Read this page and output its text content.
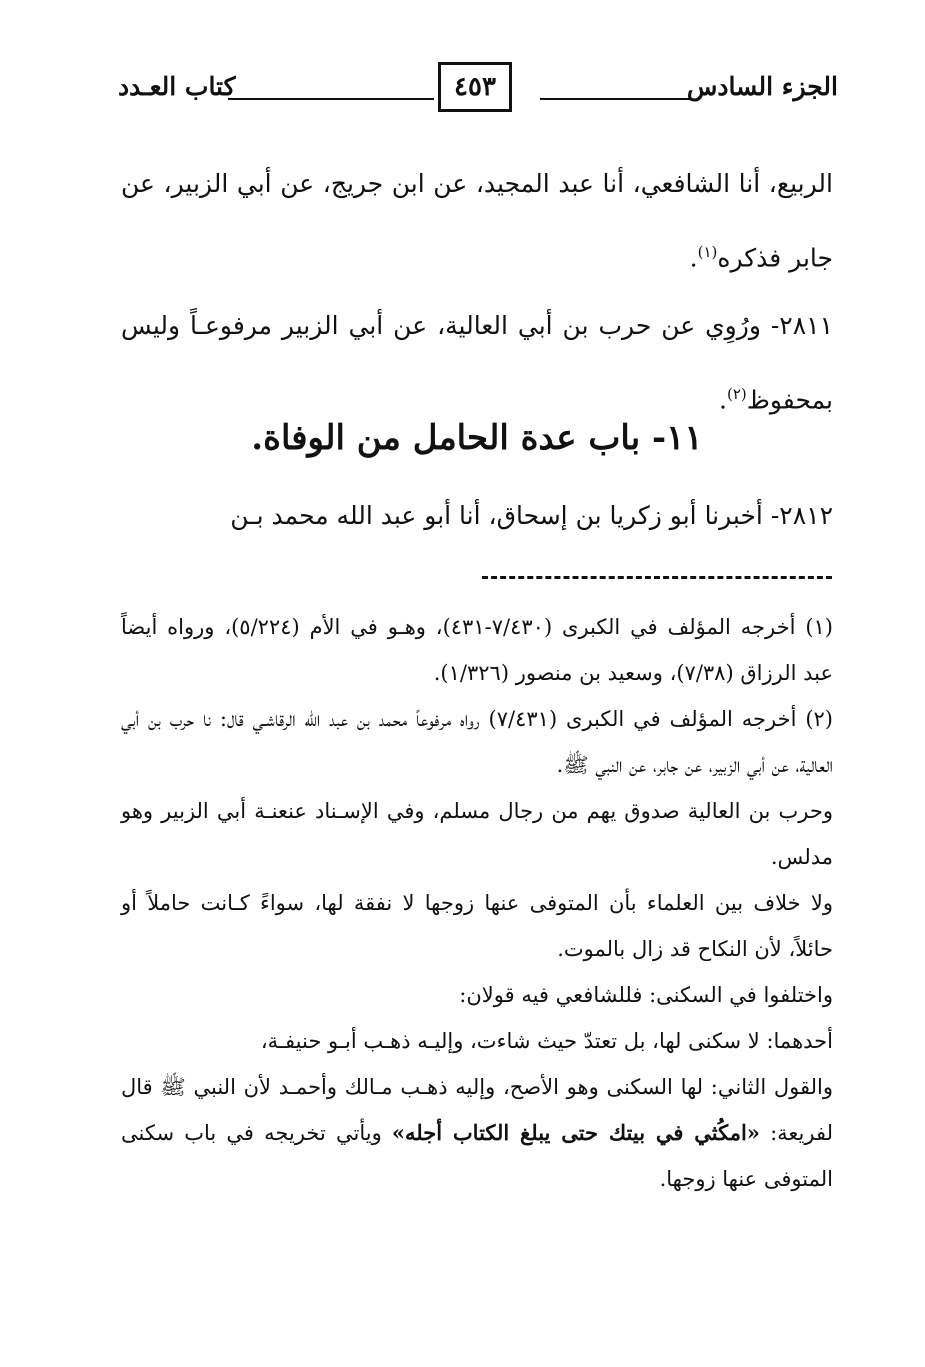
الجزء السادس
٤٥٣
كتاب العـدد

الربيع، أنا الشافعي، أنا عبد المجيد، عن ابن جريج، عن أبي الزبير، عن جابر فذكره$^{(١)}$.

٢٨١١- ورُوِي عن حرب بن أبي العالية، عن أبي الزبير مرفوعـاً وليس بمحفوظ$^{(٢)}$.

١١- باب عدة الحامل من الوفاة.

٢٨١٢- أخبرنا أبو زكريا بن إسحاق، أنا أبو عبد الله محمد بـن

(١) أخرجه المؤلف في الكبرى (٧/٤٣٠-٤٣١)، وهـو في الأم (٥/٢٢٤)، ورواه أيضاً عبد الرزاق (٧/٣٨)، وسعيد بن منصور (١/٣٢٦).

(٢) أخرجه المؤلف في الكبرى (٧/٤٣١) رواه مرفوعاً محمد بن عبد الله الرقاشـي قال: نا حرب بن أبي العالية، عن أبي الزبير، عن جابر، عن النبي ﷺ.

وحرب بن العالية صدوق يهم من رجال مسلم، وفي الإسـناد عنعنـة أبي الزبير وهو مدلس.

ولا خلاف بين العلماء بأن المتوفى عنها زوجها لا نفقة لها، سواءً كـانت حاملاً أو حائلاً، لأن النكاح قد زال بالموت.

واختلفوا في السكنى: فللشافعي فيه قولان:

أحدهما: لا سكنى لها، بل تعتدّ حيث شاءت، وإليـه ذهـب أبـو حنيفـة،

والقول الثاني: لها السكنى وهو الأصح، وإليه ذهـب مـالك وأحمـد لأن النبي ﷺ قال لفريعة: «امكُثي في بيتك حتى يبلغ الكتاب أجله» ويأتي تخريجه في باب سكنى المتوفى عنها زوجها.
